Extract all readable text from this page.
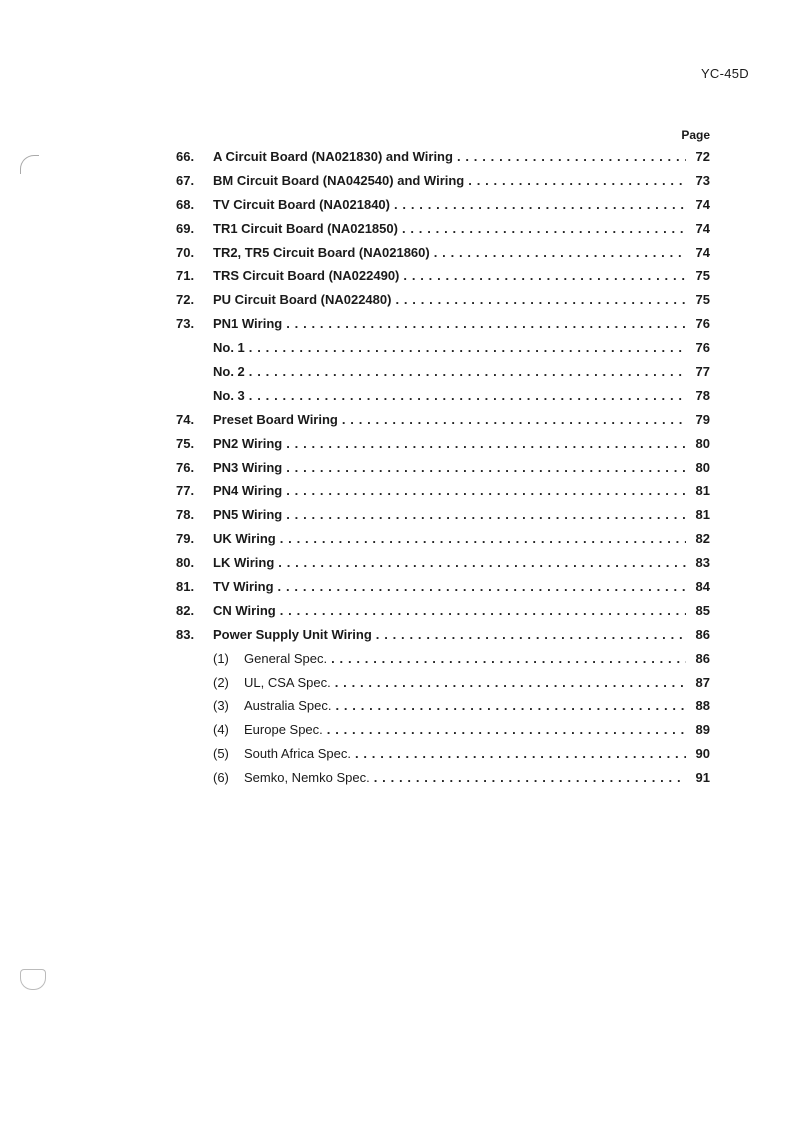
YC-45D
Page
66.	A Circuit Board (NA021830) and Wiring . . .	72
67.	BM Circuit Board (NA042540) and Wiring . . .	73
68.	TV Circuit Board (NA021840) . . .	74
69.	TR1 Circuit Board (NA021850) . . .	74
70.	TR2, TR5 Circuit Board (NA021860) . . .	74
71.	TRS Circuit Board (NA022490) . . .	75
72.	PU Circuit Board (NA022480) . . .	75
73.	PN1 Wiring . . .	76
No. 1 . . .	76
No. 2 . . .	77
No. 3 . . .	78
74.	Preset Board Wiring . . .	79
75.	PN2 Wiring . . .	80
76.	PN3 Wiring . . .	80
77.	PN4 Wiring . . .	81
78.	PN5 Wiring . . .	81
79.	UK Wiring . . .	82
80.	LK Wiring . . .	83
81.	TV Wiring . . .	84
82.	CN Wiring . . .	85
83.	Power Supply Unit Wiring . . .	86
(1)	General Spec. . . .	86
(2)	UL, CSA Spec. . . .	87
(3)	Australia Spec. . . .	88
(4)	Europe Spec. . . .	89
(5)	South Africa Spec. . . .	90
(6)	Semko, Nemko Spec. . . .	91
